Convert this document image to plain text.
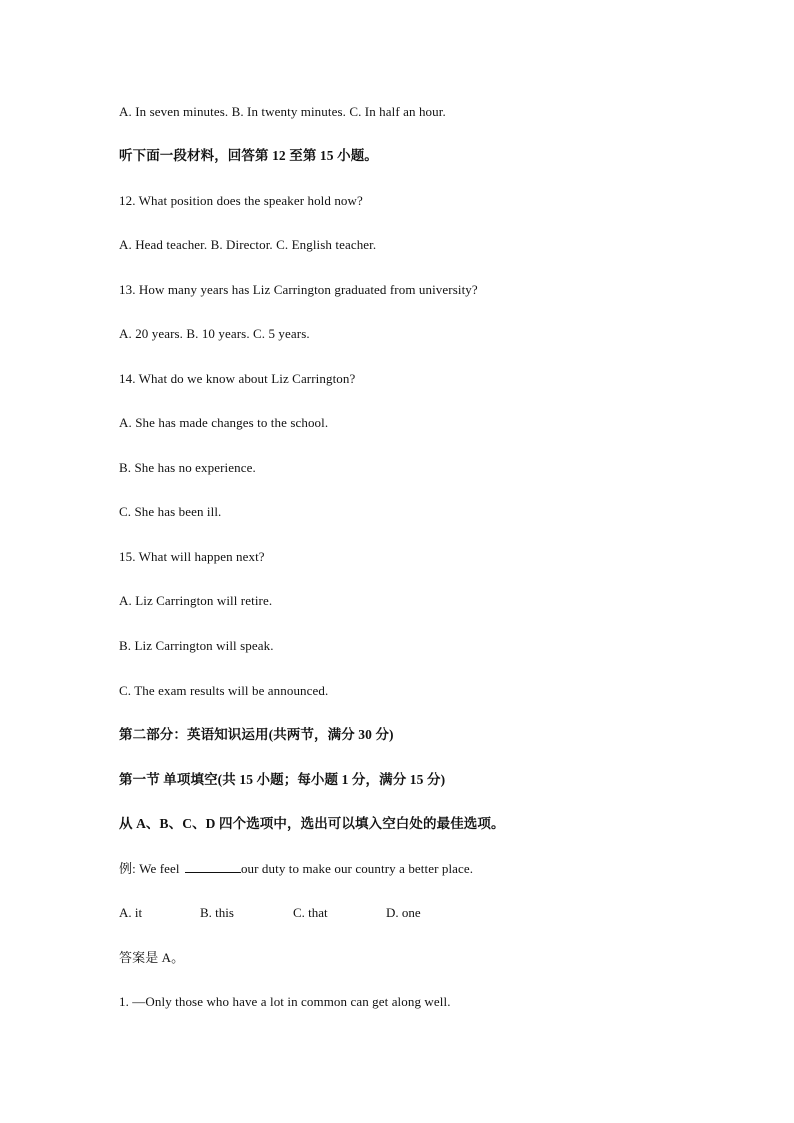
A. In seven minutes. B. In twenty minutes. C. In half an hour.
听下面一段材料，回答第 12 至第 15 小题。
12. What position does the speaker hold now?
A. Head teacher. B. Director. C. English teacher.
13. How many years has Liz Carrington graduated from university?
A. 20 years. B. 10 years. C. 5 years.
14. What do we know about Liz Carrington?
A. She has made changes to the school.
B. She has no experience.
C. She has been ill.
15. What will happen next?
A. Liz Carrington will retire.
B. Liz Carrington will speak.
C. The exam results will be announced.
第二部分：英语知识运用(共两节，满分 30 分)
第一节 单项填空(共 15 小题；每小题 1 分，满分 15 分)
从 A、B、C、D 四个选项中，选出可以填入空白处的最佳选项。
例: We feel	our duty to make our country a better place.
A. it	B. this	C. that	D. one
答案是 A。
1. —Only those who have a lot in common can get along well.
